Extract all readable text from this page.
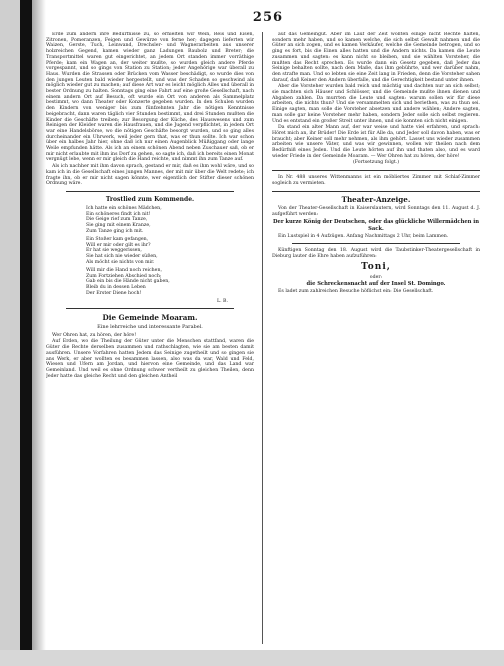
256

Erde zum andern ihre Bedürfnisse zu, so erhielten wir Wein, Reis und Eisen, Zitronen, Pomeranzen, Feigen und Gewürze von ferne her; dagegen lieferten wir Waizen, Gerste, Tuch, Leinwand, Drechsler- und Wagnerarbeiten aus unserer holzreichen Gegend, kamen wieder ganz Ladungen Baubolz und Breter; die Transportmittel waren gut eingerichtet, an jedem Ort standen immer vorräthige Pferde; kam ein Wagen an, der weiter mußte, so wurden gleich andere Pferde vorgespannt, und so gings von Station zu Station; jeder Angehörige war überall zu Haus. Wurden die Strassen oder Brücken vom Wasser beschädigt, so wurde dies von den jungen Leuten bald wieder hergestellt, und was der Schaden so geschwind als möglich wieder gut zu machen; auf diese Art war es leicht möglich Alles und überall in bester Ordnung zu halten. Sonntags ging eine Fahrt auf eine große Gesellschaft, nach einem andern Ort auf Besuch, oft wurde ein Ort von anderen als Sammelplatz bestimmt, wo dann Theater oder Konzerte gegeben wurden. In den Schulen wurden den Kindern von weniger bis zum fünfzehnten Jahr die nötigen Kenntnisse beigebracht, dann waren täglich vier Stunden bestimmt, und drei Stunden mußten die Kinder die Geschäfte treiben; zur Besorgung der Küche, des Hauswesens und zum Reinigen der Kleider waren die Hausfrauen, und die Jugend verpflichtet, in jedem Ort war eine Handelsbörse, wo die nötigen Geschäfte besorgt wurden, und so ging alles durcheinander ein Uhrwerk, weil jeder gern that, was er thun sollte. Ich war schon über ein halbes Jahr hier, ohne daß ich nur einen Augenblick Müßiggang oder lange Weile empfunden hätte. Als ich an einem schönen Abend neben Zuschauer saß, ob er mir nicht erlaubte mit ihm ins Dorf zu gehen, so sagte ich, daß ich bereits einen Monat vergnügt lebe, wenn er mir gleich die Hand reichte, und nimmt ihn zum Tanze auf.

Als ich nachher mit ihm davon sprach, gestand er mir, daß es ihm wohl wäre, und so kam ich in die Gesellschaft eines jungen Mannes, der mit mir über die Welt redete; ich fragte ihn, ob er mir nicht sagen könnte, wer eigentlich der Stifter dieser schönen Ordnung wäre.

Trostlied zum Kommende.
Ich hatte ein schönes Mädchen,
Ein schöneres findt ich nit!
Die Geige rief zum Tanze,
Sie ging mit einem Kranze,
Zum Tanze ging ich mit.
Ein Stoßer kam gefangen,
Will er mir oder gilt es ihr?
Er hat sie weggerissen,
Sie hat sich nie wieder süßen,
Als möcht sie nichts von mir.
Will mir die Hand noch reichen,
Zum Fortziehen Abschied noch;
Gab ein bis die Hände nicht gaben,
Bleib du in dessen Leben
Der Erster Diene hoch!
L. B.
Die Gemeinde Moaram.
Eine lehrreiche und interessante Parabel.

Wer Ohren hat, zu hören, der höre!

Auf Erden, wo die Theilung der Güter unter die Menschen stattfand, waren die Güter die Rechte derselben zusammen und rathschlagten, wie sie am besten damit ausführen. Unsere Vorfahren hatten Jedem das Seinige zugetheilt und so gingen sie ans Werk, er aber wollten es besammen lassen, also was da war, Wald und Feld, Wiesen und Ufern am Jordan, und hiervon eine Gemeinde, und das Land war Gemeinland. Und weil es ohne Ordnung schwer vertheilt zu gleichen Theilen, denn Jeder hatte das gleiche Recht und den gleichen Antheil

auf das Gemeingut. Aber im Lauf der Zeit wollten einige nicht Rechte halten, sondern mehr haben, und so kamen welche, die sich selbst Gewalt nahmen und die Güter an sich zogen, und es kamen Verkäufer, welche die Gemeinde betrogen, und so ging es fort, bis die Einen alles hatten und die Andern nichts. Da kamen die Leute zusammen und sagten: es kann nicht so bleiben, und sie wählten Vorsteher, die mußten das Recht sprechen. Es wurde dann ein Gesetz gegeben, daß Jeder das Seinige behalten sollte, nach dem Maße, das ihm gebührte, und wer darüber nahm, den strafte man. Und so lebten sie eine Zeit lang in Frieden, denn die Vorsteher sahen darauf, daß Keiner den Andern überfalle, und die Gerechtigkeit bestand unter ihnen.

Aber die Vorsteher wurden bald reich und mächtig und dachten nur an sich selbst; sie machten sich Häuser und Schlösser, und die Gemeinde mußte ihnen dienen und Abgaben zahlen. Da murrten die Leute und sagten: warum sollen wir für diese arbeiten, die nichts thun? Und sie versammelten sich und beriethen, was zu thun sei. Einige sagten, man solle die Vorsteher absetzen und andere wählen; Andere sagten, man solle gar keine Vorsteher mehr haben, sondern Jeder solle sich selbst regieren. Und es entstand ein großer Streit unter ihnen, und sie konnten sich nicht einigen.

Da stand ein alter Mann auf, der war weise und hatte viel erfahren, und sprach: Höret mich an, ihr Brüder! Die Erde ist für Alle da, und Jeder soll davon haben, was er braucht; aber Keiner soll mehr nehmen, als ihm gehört. Lasset uns wieder zusammen arbeiten wie unsere Väter, und was wir gewinnen, wollen wir theilen nach dem Bedürfniß eines Jeden. Und die Leute hörten auf ihn und thaten also, und es ward wieder Friede in der Gemeinde Moaram. — Wer Ohren hat zu hören, der höre!

(Fortsetzung folgt.)

In Nr. 488 unseres Wittenmanns ist ein möbliertes Zimmer mit Schlaf-Zimmer sogleich zu vermieten.

Theater-Anzeige.

Von der Theater-Gesellschaft in Kaiserslautern, wird Sonntags den 11. August d. J. aufgeführt werden:

Der kurze König der Deutschen, oder das glückliche Willermädchen in Sack.

Ein Lustspiel in 4 Aufzügen. Anfang Nachmittags 2 Uhr, beim Lammen.

Künftigen Sonntag den 18. August wird die Taubstinker-Theatergesellschaft in Dieburg lauter die Ehre haben aufzuführen:

Toni,
oder:
die Schreckensnacht auf der Insel St. Domingo.

Es ladet zum zahlreichen Besuche höflichst ein: Die Gesellschaft.
